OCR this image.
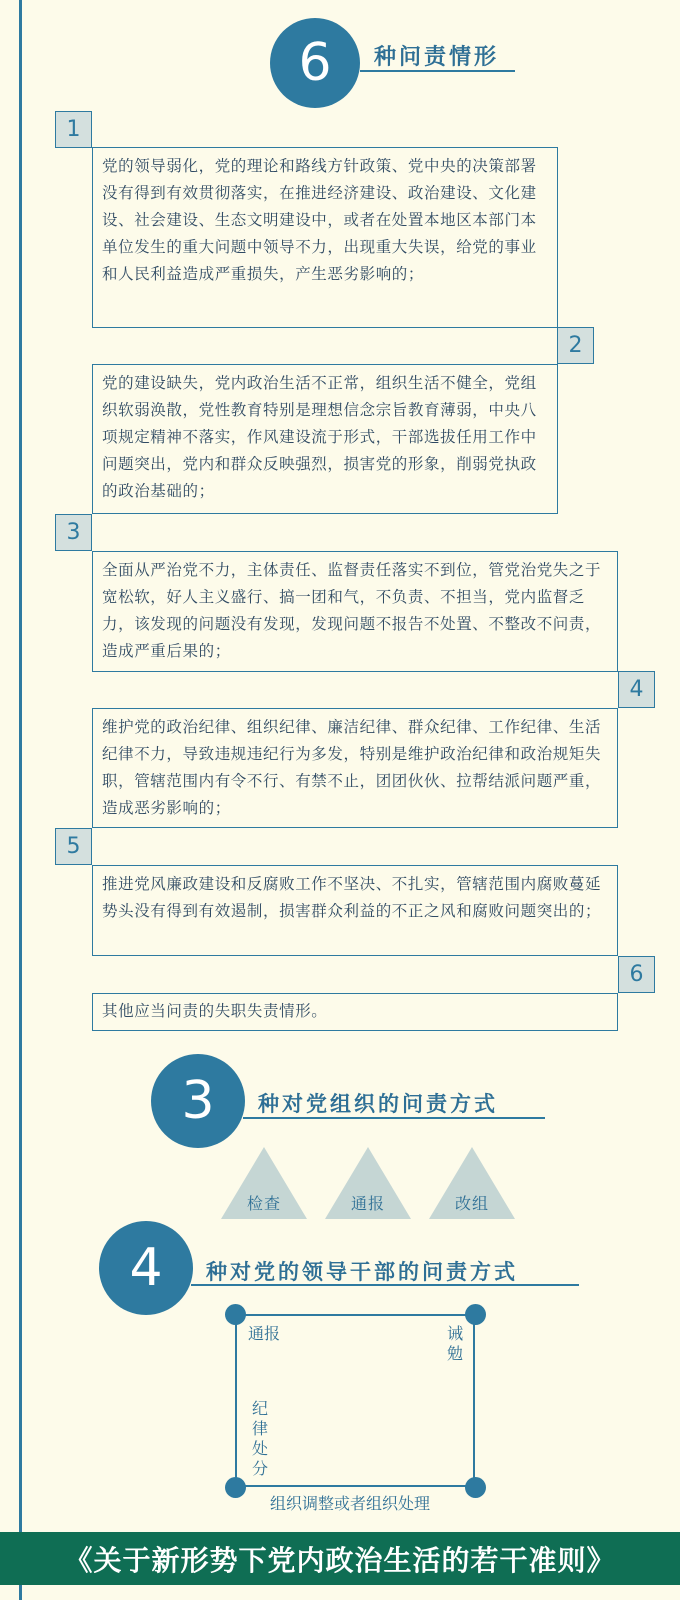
6 种问责情形
1
党的领导弱化，党的理论和路线方针政策、党中央的决策部署没有得到有效贯彻落实，在推进经济建设、政治建设、文化建设、社会建设、生态文明建设中，或者在处置本地区本部门本单位发生的重大问题中领导不力，出现重大失误，给党的事业和人民利益造成严重损失，产生恶劣影响的；
2
党的建设缺失，党内政治生活不正常，组织生活不健全，党组织软弱涣散，党性教育特别是理想信念宗旨教育薄弱，中央八项规定精神不落实，作风建设流于形式，干部选拔任用工作中问题突出，党内和群众反映强烈，损害党的形象，削弱党执政的政治基础的；
3
全面从严治党不力，主体责任、监督责任落实不到位，管党治党失之于宽松软，好人主义盛行、搞一团和气，不负责、不担当，党内监督乏力，该发现的问题没有发现，发现问题不报告不处置、不整改不问责，造成严重后果的；
4
维护党的政治纪律、组织纪律、廉洁纪律、群众纪律、工作纪律、生活纪律不力，导致违规违纪行为多发，特别是维护政治纪律和政治规矩失职，管辖范围内有令不行、有禁不止，团团伙伙、拉帮结派问题严重，造成恶劣影响的；
5
推进党风廉政建设和反腐败工作不坚决、不扎实，管辖范围内腐败蔓延势头没有得到有效遏制，损害群众利益的不正之风和腐败问题突出的；
6
其他应当问责的失职失责情形。
3 种对党组织的问责方式
检查	通报	改组
4 种对党的领导干部的问责方式
通报	诫勉
纪律处分
组织调整或者组织处理
《关于新形势下党内政治生活的若干准则》
